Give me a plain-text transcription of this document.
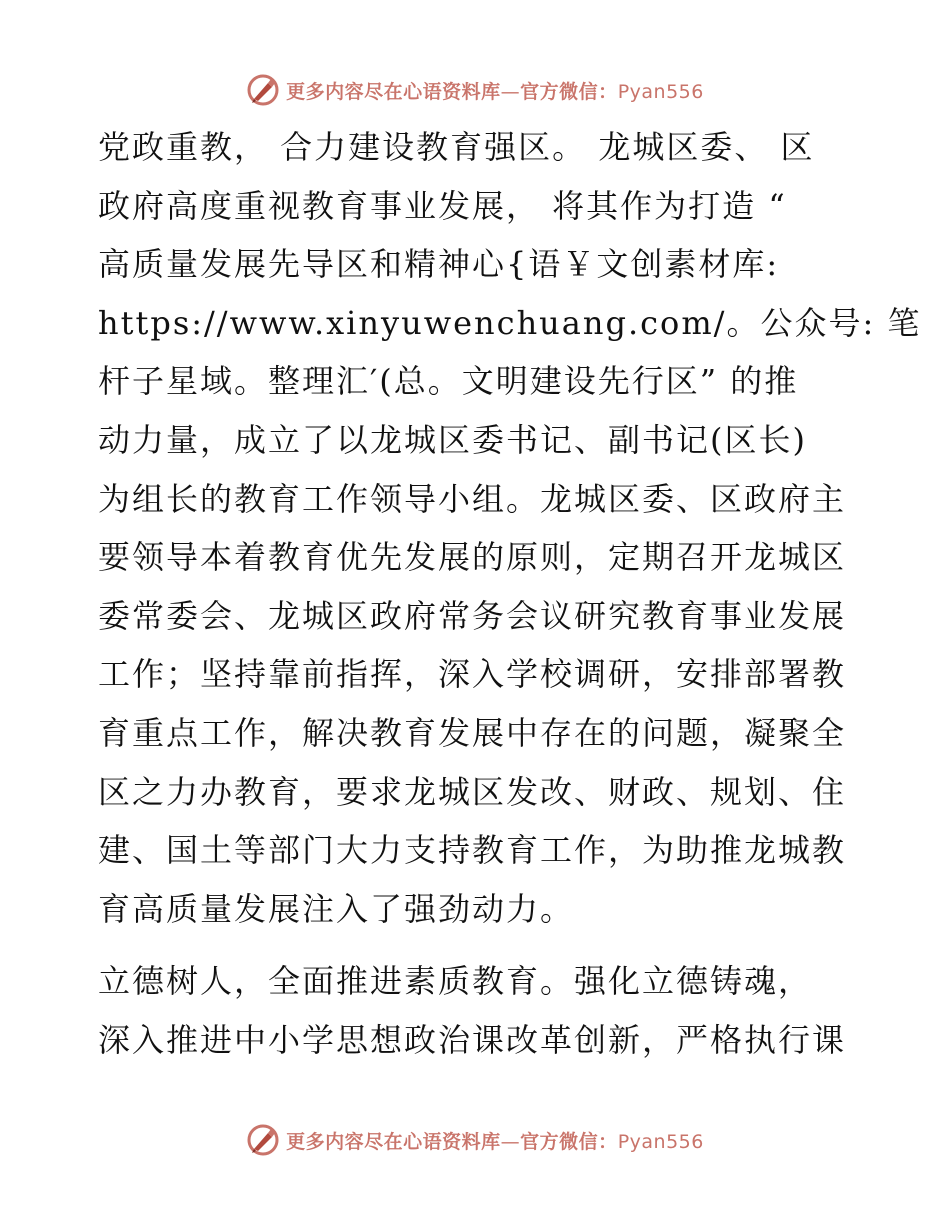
更多内容尽在心语资料库—官方微信：Pyan556

党政重教， 合力建设教育强区。 龙城区委、 区
政府高度重视教育事业发展， 将其作为打造 “
高质量发展先导区和精神心{语￥文创素材库:
https://www.xinyuwenchuang.com/。公众号: 笔
杆子星域。整理汇′(总。文明建设先行区” 的推
动力量，成立了以龙城区委书记、副书记(区长)
为组长的教育工作领导小组。龙城区委、区政府主
要领导本着教育优先发展的原则，定期召开龙城区
委常委会、龙城区政府常务会议研究教育事业发展
工作；坚持靠前指挥，深入学校调研，安排部署教
育重点工作，解决教育发展中存在的问题，凝聚全
区之力办教育，要求龙城区发改、财政、规划、住
建、国土等部门大力支持教育工作，为助推龙城教
育高质量发展注入了强劲动力。

立德树人，全面推进素质教育。强化立德铸魂，
深入推进中小学思想政治课改革创新，严格执行课

更多内容尽在心语资料库—官方微信：Pyan556
